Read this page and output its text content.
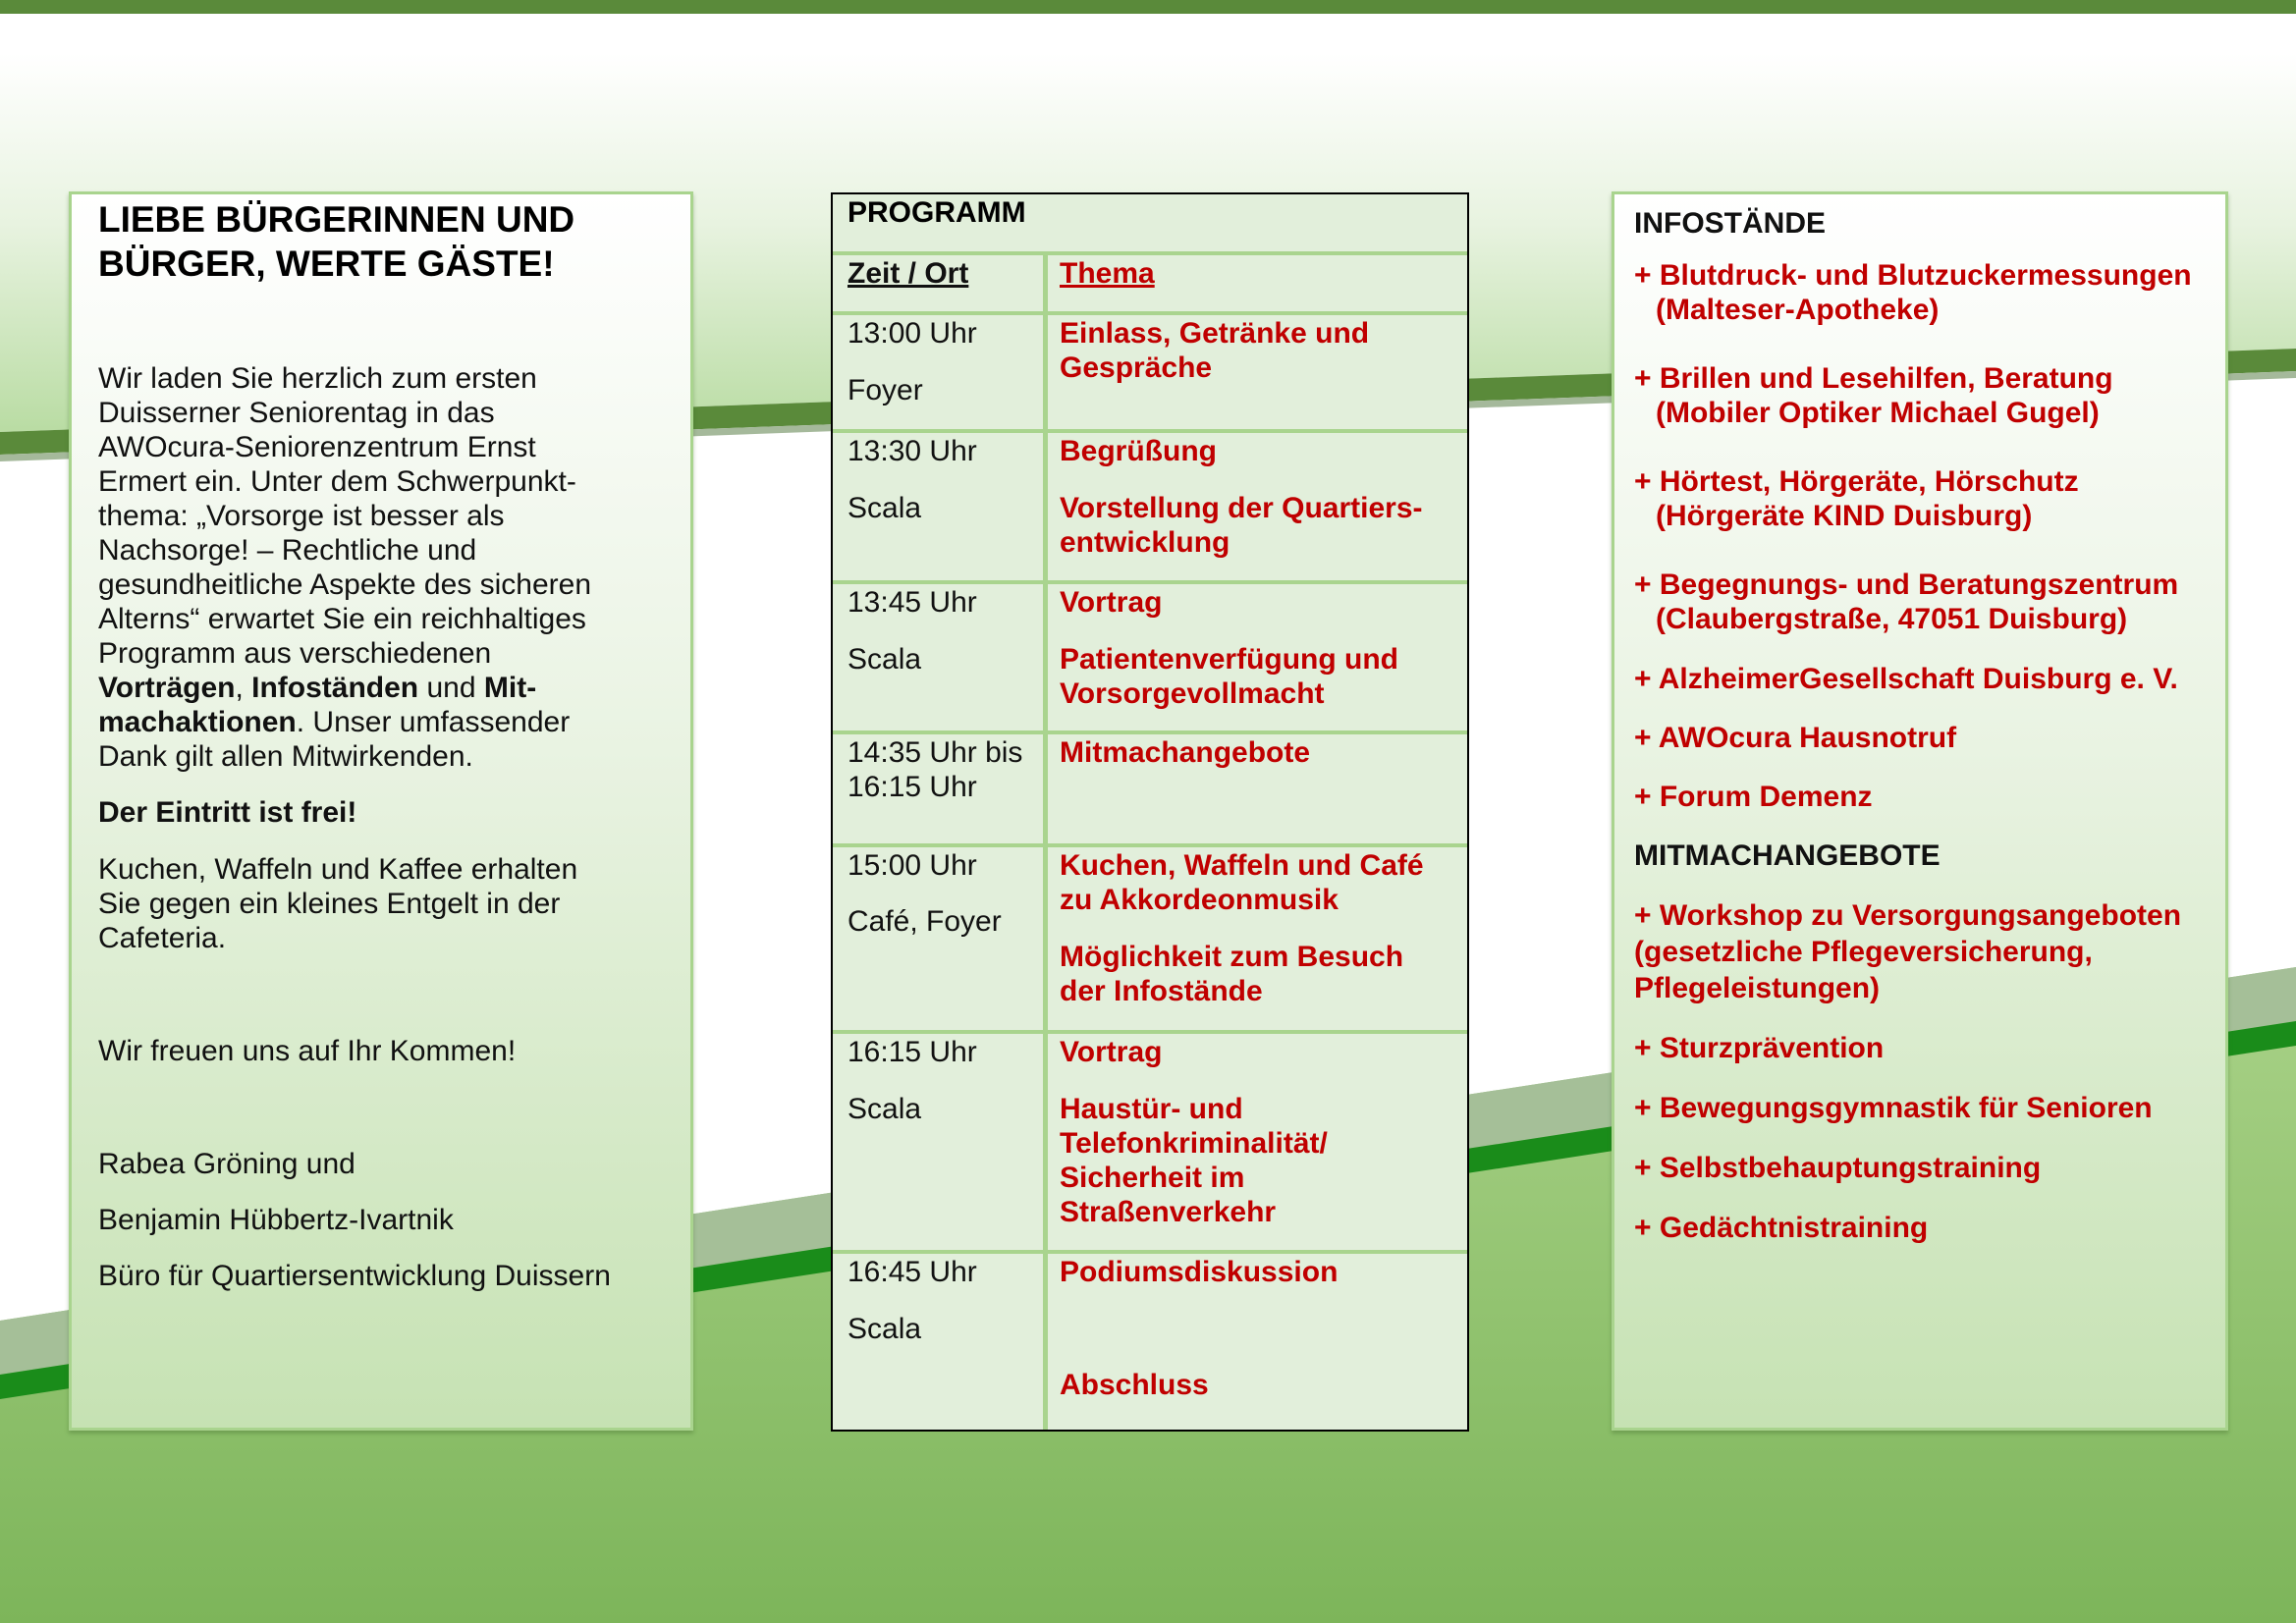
LIEBE BÜRGERINNEN UND
BÜRGER, WERTE GÄSTE!
Wir laden Sie herzlich zum ersten
Duisserner Seniorentag in das
AWOcura-Seniorenzentrum Ernst
Ermert ein. Unter dem Schwerpunkt-
thema: „Vorsorge ist besser als
Nachsorge! – Rechtliche und
gesundheitliche Aspekte des sicheren
Alterns“ erwartet Sie ein reichhaltiges
Programm aus verschiedenen
Vorträgen, Infoständen und Mit-
machaktionen. Unser umfassender
Dank gilt allen Mitwirkenden.
Der Eintritt ist frei!
Kuchen, Waffeln und Kaffee erhalten
Sie gegen ein kleines Entgelt in der
Cafeteria.
Wir freuen uns auf Ihr Kommen!
Rabea Gröning und
Benjamin Hübbertz-Ivartnik
Büro für Quartiersentwicklung Duissern
PROGRAMM
Zeit / Ort	Thema
13:00 Uhr
Foyer
Einlass, Getränke und
Gespräche
13:30 Uhr
Scala
Begrüßung
Vorstellung der Quartiers-
entwicklung
13:45 Uhr
Scala
Vortrag
Patientenverfügung und
Vorsorgevollmacht
14:35 Uhr bis
16:15 Uhr
Mitmachangebote
15:00 Uhr
Café, Foyer
Kuchen, Waffeln und Café
zu Akkordeonmusik
Möglichkeit zum Besuch
der Infostände
16:15 Uhr
Scala
Vortrag
Haustür- und
Telefonkriminalität/
Sicherheit im
Straßenverkehr
16:45 Uhr
Scala
Podiumsdiskussion
Abschluss
INFOSTÄNDE
+ Blutdruck- und Blutzuckermessungen
(Malteser-Apotheke)
+ Brillen und Lesehilfen, Beratung
(Mobiler Optiker Michael Gugel)
+ Hörtest, Hörgeräte, Hörschutz
(Hörgeräte KIND Duisburg)
+ Begegnungs- und Beratungszentrum
(Claubergstraße, 47051 Duisburg)
+ AlzheimerGesellschaft Duisburg e. V.
+ AWOcura Hausnotruf
+ Forum Demenz
MITMACHANGEBOTE
+ Workshop zu Versorgungsangeboten
(gesetzliche Pflegeversicherung,
Pflegeleistungen)
+ Sturzprävention
+ Bewegungsgymnastik für Senioren
+ Selbstbehauptungstraining
+ Gedächtnistraining
